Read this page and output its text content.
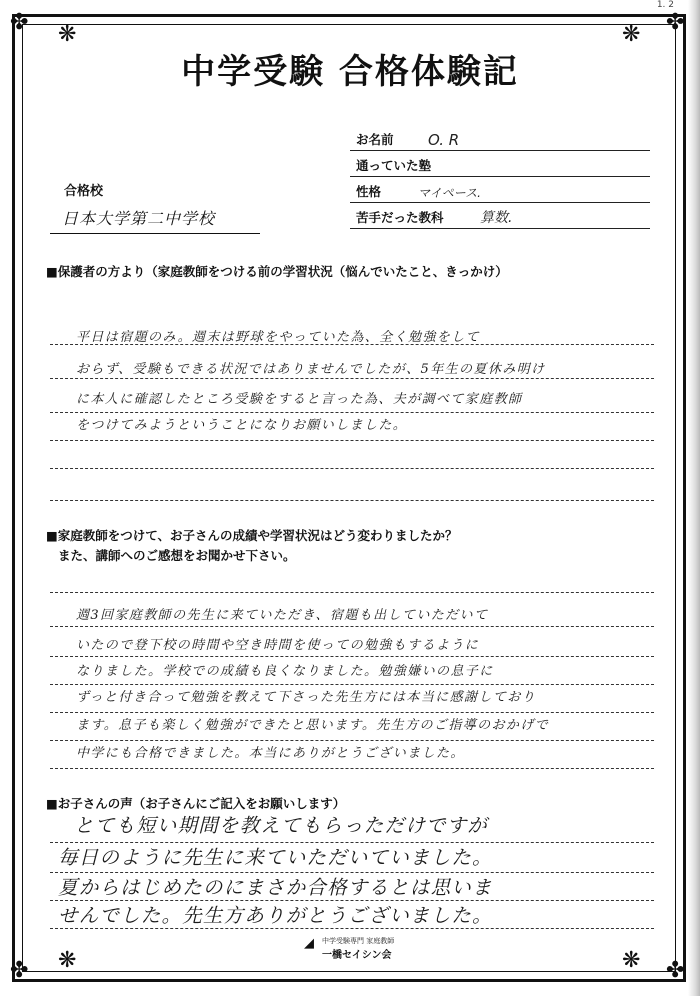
1. 2
✤ ❋	❋ ✤
✤ ❋	❋ ✤
中学受験 合格体験記
お名前 O. R
通っていた塾
性格	マイペース.
苦手だった教科	算数.
合格校
日本大学第二中学校
■保護者の方より（家庭教師をつける前の学習状況（悩んでいたこと、きっかけ）
平日は宿題のみ。週末は野球をやっていた為、全く勉強をして
おらず、受験もできる状況ではありませんでしたが、5年生の夏休み明け
に本人に確認したところ受験をすると言った為、夫が調べて家庭教師
をつけてみようということになりお願いしました。
■家庭教師をつけて、お子さんの成績や学習状況はどう変わりましたか？
また、講師へのご感想をお聞かせ下さい。
週3回家庭教師の先生に来ていただき、宿題も出していただいて
いたので登下校の時間や空き時間を使っての勉強もするように
なりました。学校での成績も良くなりました。勉強嫌いの息子に
ずっと付き合って勉強を教えて下さった先生方には本当に感謝しており
ます。息子も楽しく勉強ができたと思います。先生方のご指導のおかげで
中学にも合格できました。本当にありがとうございました。
■お子さんの声（お子さんにご記入をお願いします）
とても短い期間を教えてもらっただけですが
毎日のように先生に来ていただいていました。
夏からはじめたのにまさか合格するとは思いま
せんでした。先生方ありがとうございました。
◢ 中学受験専門 家庭教師
一橋セイシン会
